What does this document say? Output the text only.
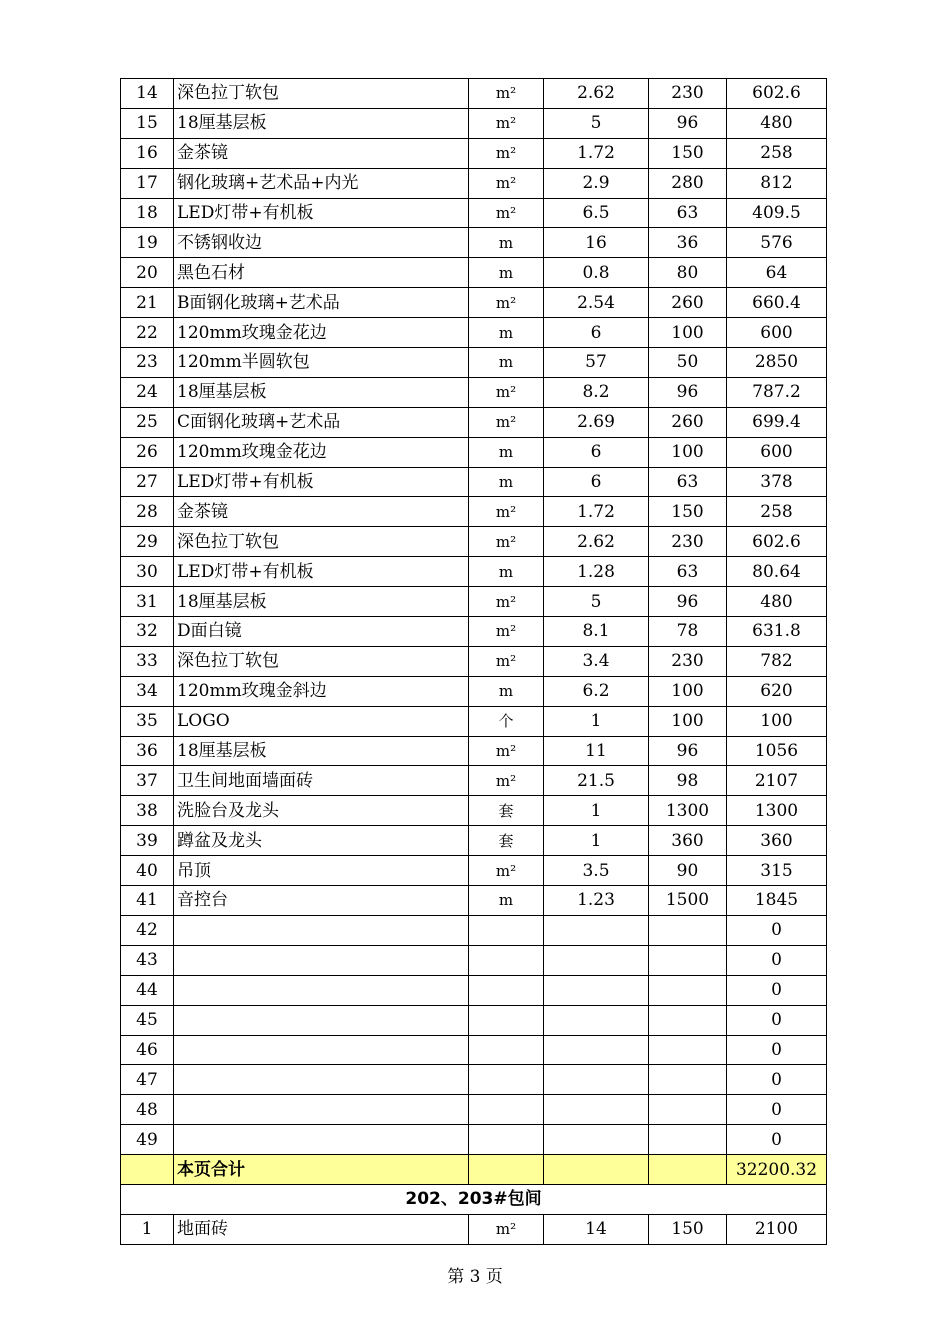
14	深色拉丁软包	m²	2.62	230	602.6
15	18厘基层板	m²	5	96	480
16	金茶镜	m²	1.72	150	258
17	钢化玻璃+艺术品+内光	m²	2.9	280	812
18	LED灯带+有机板	m²	6.5	63	409.5
19	不锈钢收边	m	16	36	576
20	黑色石材	m	0.8	80	64
21	B面钢化玻璃+艺术品	m²	2.54	260	660.4
22	120mm玫瑰金花边	m	6	100	600
23	120mm半圆软包	m	57	50	2850
24	18厘基层板	m²	8.2	96	787.2
25	C面钢化玻璃+艺术品	m²	2.69	260	699.4
26	120mm玫瑰金花边	m	6	100	600
27	LED灯带+有机板	m	6	63	378
28	金茶镜	m²	1.72	150	258
29	深色拉丁软包	m²	2.62	230	602.6
30	LED灯带+有机板	m	1.28	63	80.64
31	18厘基层板	m²	5	96	480
32	D面白镜	m²	8.1	78	631.8
33	深色拉丁软包	m²	3.4	230	782
34	120mm玫瑰金斜边	m	6.2	100	620
35	LOGO	个	1	100	100
36	18厘基层板	m²	11	96	1056
37	卫生间地面墙面砖	m²	21.5	98	2107
38	洗脸台及龙头	套	1	1300	1300
39	蹲盆及龙头	套	1	360	360
40	吊顶	m²	3.5	90	315
41	音控台	m	1.23	1500	1845
42					0
43					0
44					0
45					0
46					0
47					0
48					0
49					0
	本页合计				32200.32
202、203#包间					
1	地面砖	m²	14	150	2100
第 3 页
